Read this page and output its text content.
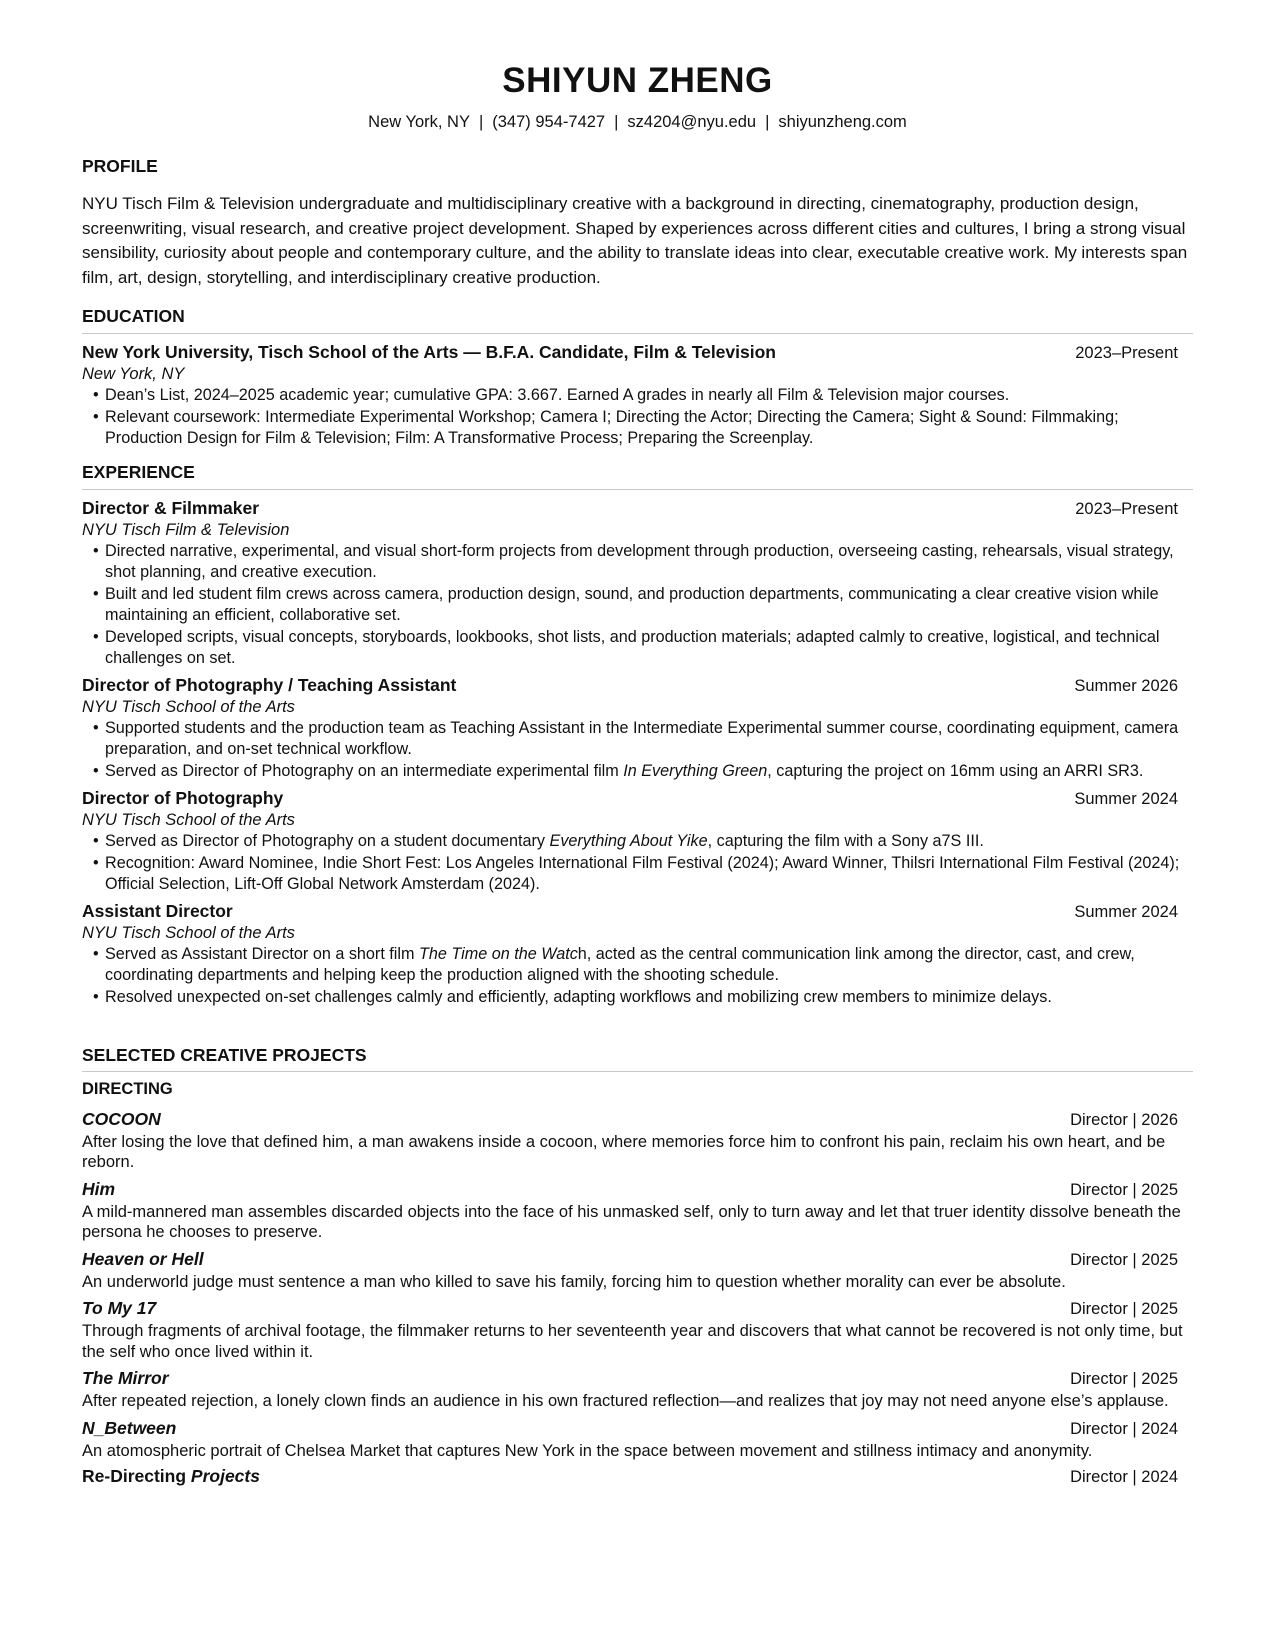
SHIYUN ZHENG
New York, NY | (347) 954-7427 | sz4204@nyu.edu | shiyunzheng.com
PROFILE

NYU Tisch Film & Television undergraduate and multidisciplinary creative with a background in directing, cinematography, production design, screenwriting, visual research, and creative project development. Shaped by experiences across different cities and cultures, I bring a strong visual sensibility, curiosity about people and contemporary culture, and the ability to translate ideas into clear, executable creative work. My interests span film, art, design, storytelling, and interdisciplinary creative production.

EDUCATION
New York University, Tisch School of the Arts — B.F.A. Candidate, Film & Television	2023–Present
New York, NY
• Dean’s List, 2024–2025 academic year; cumulative GPA: 3.667. Earned A grades in nearly all Film & Television major courses.
• Relevant coursework: Intermediate Experimental Workshop; Camera I; Directing the Actor; Directing the Camera; Sight & Sound: Filmmaking; Production Design for Film & Television; Film: A Transformative Process; Preparing the Screenplay.
EXPERIENCE
Director & Filmmaker	2023–Present
NYU Tisch Film & Television
• Directed narrative, experimental, and visual short-form projects from development through production, overseeing casting, rehearsals, visual strategy, shot planning, and creative execution.
• Built and led student film crews across camera, production design, sound, and production departments, communicating a clear creative vision while maintaining an efficient, collaborative set.
• Developed scripts, visual concepts, storyboards, lookbooks, shot lists, and production materials; adapted calmly to creative, logistical, and technical challenges on set.
Director of Photography / Teaching Assistant	Summer 2026
NYU Tisch School of the Arts
• Supported students and the production team as Teaching Assistant in the Intermediate Experimental summer course, coordinating equipment, camera preparation, and on-set technical workflow.
• Served as Director of Photography on an intermediate experimental film In Everything Green, capturing the project on 16mm using an ARRI SR3.
Director of Photography	Summer 2024
NYU Tisch School of the Arts
• Served as Director of Photography on a student documentary Everything About Yike, capturing the film with a Sony a7S III.
• Recognition: Award Nominee, Indie Short Fest: Los Angeles International Film Festival (2024); Award Winner, Thilsri International Film Festival (2024); Official Selection, Lift-Off Global Network Amsterdam (2024).
Assistant Director	Summer 2024
NYU Tisch School of the Arts
• Served as Assistant Director on a short film The Time on the Watch, acted as the central communication link among the director, cast, and crew, coordinating departments and helping keep the production aligned with the shooting schedule.
• Resolved unexpected on-set challenges calmly and efficiently, adapting workflows and mobilizing crew members to minimize delays.
SELECTED CREATIVE PROJECTS
DIRECTING
COCOON	Director | 2026

After losing the love that defined him, a man awakens inside a cocoon, where memories force him to confront his pain, reclaim his own heart, and be reborn.

Him	Director | 2025

A mild-mannered man assembles discarded objects into the face of his unmasked self, only to turn away and let that truer identity dissolve beneath the persona he chooses to preserve.

Heaven or Hell	Director | 2025

An underworld judge must sentence a man who killed to save his family, forcing him to question whether morality can ever be absolute.

To My 17	Director | 2025

Through fragments of archival footage, the filmmaker returns to her seventeenth year and discovers that what cannot be recovered is not only time, but the self who once lived within it.

The Mirror	Director | 2025

After repeated rejection, a lonely clown finds an audience in his own fractured reflection—and realizes that joy may not need anyone else’s applause.

N_Between	Director | 2024

An atomospheric portrait of Chelsea Market that captures New York in the space between movement and stillness intimacy and anonymity.

Re-Directing Projects	Director | 2024
